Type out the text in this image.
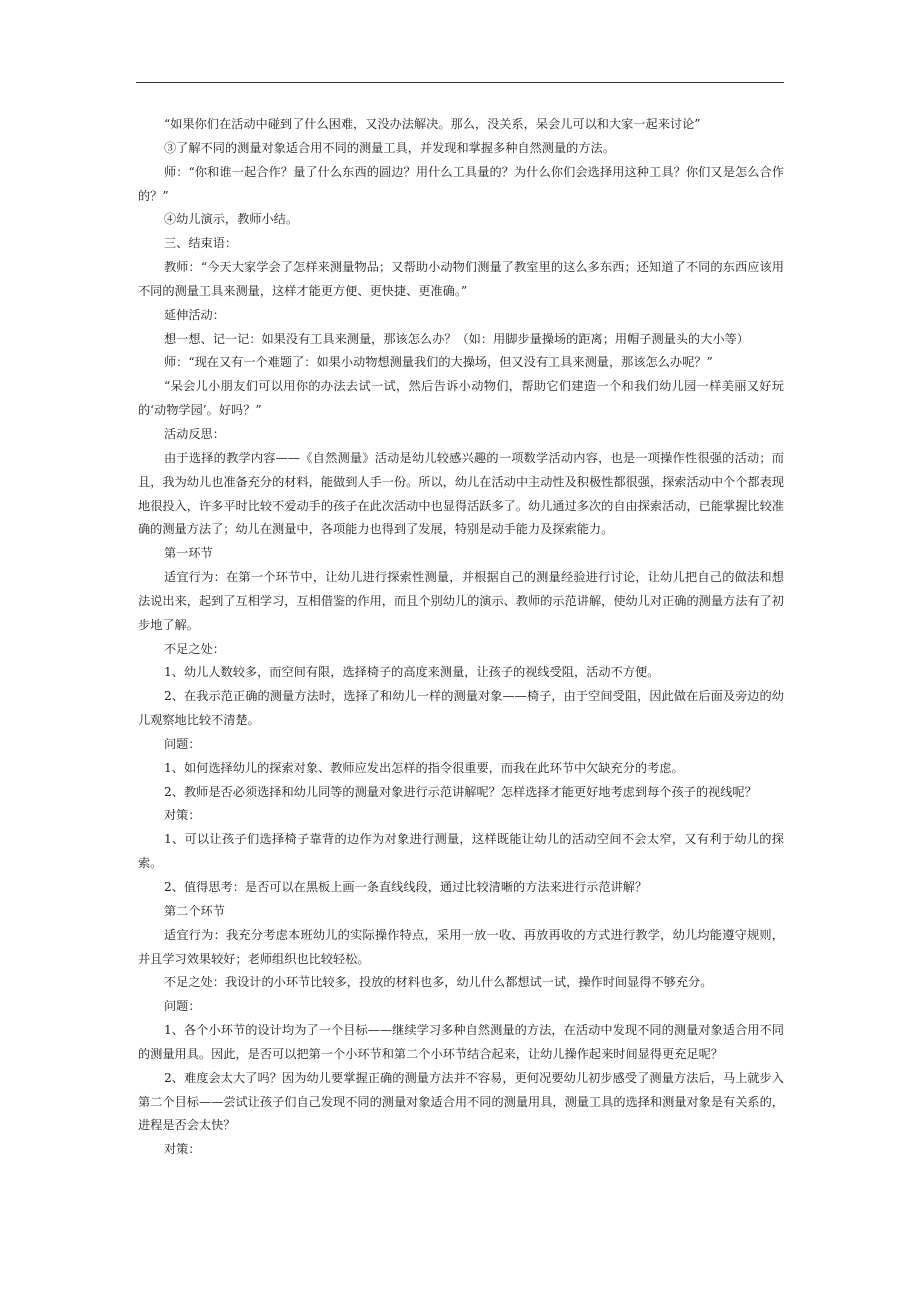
“如果你们在活动中碰到了什么困难，又没办法解决。那么，没关系，呆会儿可以和大家一起来讨论”

③了解不同的测量对象适合用不同的测量工具，并发现和掌握多种自然测量的方法。

师：“你和谁一起合作？量了什么东西的圆边？用什么工具量的？为什么你们会选择用这种工具？你们又是怎么合作的？”

④幼儿演示，教师小结。

三、结束语：

教师：“今天大家学会了怎样来测量物品；又帮助小动物们测量了教室里的这么多东西；还知道了不同的东西应该用不同的测量工具来测量，这样才能更方便、更快捷、更准确。”

延伸活动：

想一想、记一记：如果没有工具来测量，那该怎么办？（如：用脚步量操场的距离；用帽子测量头的大小等）

师：“现在又有一个难题了：如果小动物想测量我们的大操场，但又没有工具来测量，那该怎么办呢？”

“呆会儿小朋友们可以用你的办法去试一试，然后告诉小动物们，帮助它们建造一个和我们幼儿园一样美丽又好玩的‘动物学园’。好吗？”

活动反思：

由于选择的教学内容——《自然测量》活动是幼儿较感兴趣的一项数学活动内容，也是一项操作性很强的活动；而且，我为幼儿也准备充分的材料，能做到人手一份。所以，幼儿在活动中主动性及积极性都很强，探索活动中个个都表现地很投入，许多平时比较不爱动手的孩子在此次活动中也显得活跃多了。幼儿通过多次的自由探索活动，已能掌握比较准确的测量方法了；幼儿在测量中，各项能力也得到了发展，特别是动手能力及探索能力。

第一环节

适宜行为：在第一个环节中，让幼儿进行探索性测量，并根据自己的测量经验进行讨论，让幼儿把自己的做法和想法说出来，起到了互相学习，互相借鉴的作用，而且个别幼儿的演示、教师的示范讲解，使幼儿对正确的测量方法有了初步地了解。

不足之处：

1、幼儿人数较多，而空间有限，选择椅子的高度来测量，让孩子的视线受阻，活动不方便。

2、在我示范正确的测量方法时，选择了和幼儿一样的测量对象——椅子，由于空间受阻，因此做在后面及旁边的幼儿观察地比较不清楚。

问题：

1、如何选择幼儿的探索对象、教师应发出怎样的指令很重要，而我在此环节中欠缺充分的考虑。

2、教师是否必须选择和幼儿同等的测量对象进行示范讲解呢？怎样选择才能更好地考虑到每个孩子的视线呢？

对策：

1、可以让孩子们选择椅子靠背的边作为对象进行测量，这样既能让幼儿的活动空间不会太窄，又有利于幼儿的探索。

2、值得思考：是否可以在黑板上画一条直线线段，通过比较清晰的方法来进行示范讲解？

第二个环节

适宜行为：我充分考虑本班幼儿的实际操作特点，采用一放一收、再放再收的方式进行教学，幼儿均能遵守规则，并且学习效果较好；老师组织也比较轻松。

不足之处：我设计的小环节比较多，投放的材料也多，幼儿什么都想试一试，操作时间显得不够充分。

问题：

1、各个小环节的设计均为了一个目标——继续学习多种自然测量的方法，在活动中发现不同的测量对象适合用不同的测量用具。因此，是否可以把第一个小环节和第二个小环节结合起来，让幼儿操作起来时间显得更充足呢？

2、难度会太大了吗？因为幼儿要掌握正确的测量方法并不容易，更何况要幼儿初步感受了测量方法后，马上就步入第二个目标——尝试让孩子们自己发现不同的测量对象适合用不同的测量用具，测量工具的选择和测量对象是有关系的，进程是否会太快？

对策：
